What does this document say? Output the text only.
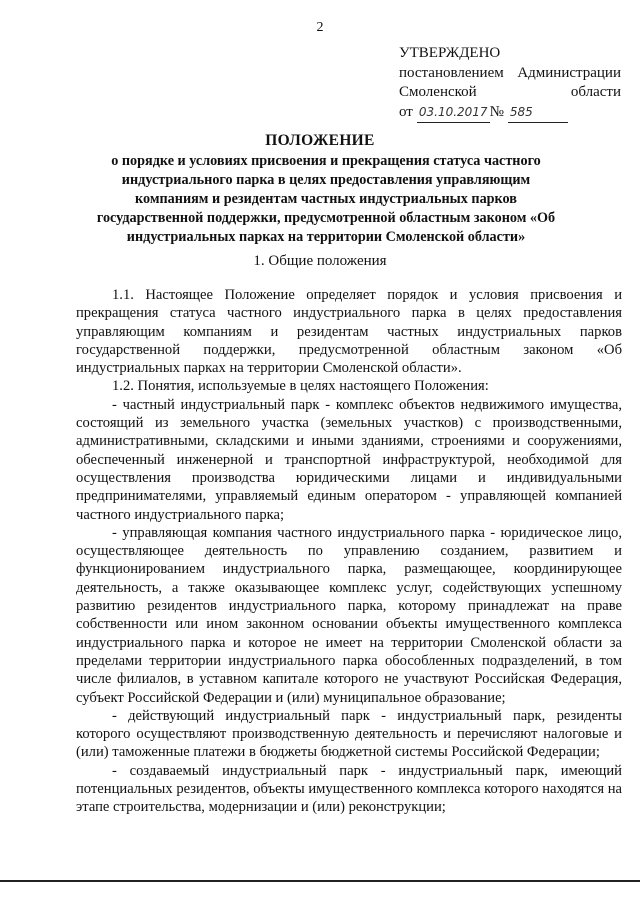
2
УТВЕРЖДЕНО
постановлением Администрации
Смоленской	области
от 03.10.2017 № 585
ПОЛОЖЕНИЕ
о порядке и условиях присвоения и прекращения статуса частного индустриального парка в целях предоставления управляющим компаниям и резидентам частных индустриальных парков государственной поддержки, предусмотренной областным законом «Об индустриальных парках на территории Смоленской области»
1. Общие положения

1.1. Настоящее Положение определяет порядок и условия присвоения и прекращения статуса частного индустриального парка в целях предоставления управляющим компаниям и резидентам частных индустриальных парков государственной поддержки, предусмотренной областным законом «Об индустриальных парках на территории Смоленской области».

1.2. Понятия, используемые в целях настоящего Положения:

- частный индустриальный парк - комплекс объектов недвижимого имущества, состоящий из земельного участка (земельных участков) с производственными, административными, складскими и иными зданиями, строениями и сооружениями, обеспеченный инженерной и транспортной инфраструктурой, необходимой для осуществления производства юридическими лицами и индивидуальными предпринимателями, управляемый единым оператором - управляющей компанией частного индустриального парка;

- управляющая компания частного индустриального парка - юридическое лицо, осуществляющее деятельность по управлению созданием, развитием и функционированием индустриального парка, размещающее, координирующее деятельность, а также оказывающее комплекс услуг, содействующих успешному развитию резидентов индустриального парка, которому принадлежат на праве собственности или ином законном основании объекты имущественного комплекса индустриального парка и которое не имеет на территории Смоленской области за пределами территории индустриального парка обособленных подразделений, в том числе филиалов, в уставном капитале которого не участвуют Российская Федерация, субъект Российской Федерации и (или) муниципальное образование;

- действующий индустриальный парк - индустриальный парк, резиденты которого осуществляют производственную деятельность и перечисляют налоговые и (или) таможенные платежи в бюджеты бюджетной системы Российской Федерации;

- создаваемый индустриальный парк - индустриальный парк, имеющий потенциальных резидентов, объекты имущественного комплекса которого находятся на этапе строительства, модернизации и (или) реконструкции;
